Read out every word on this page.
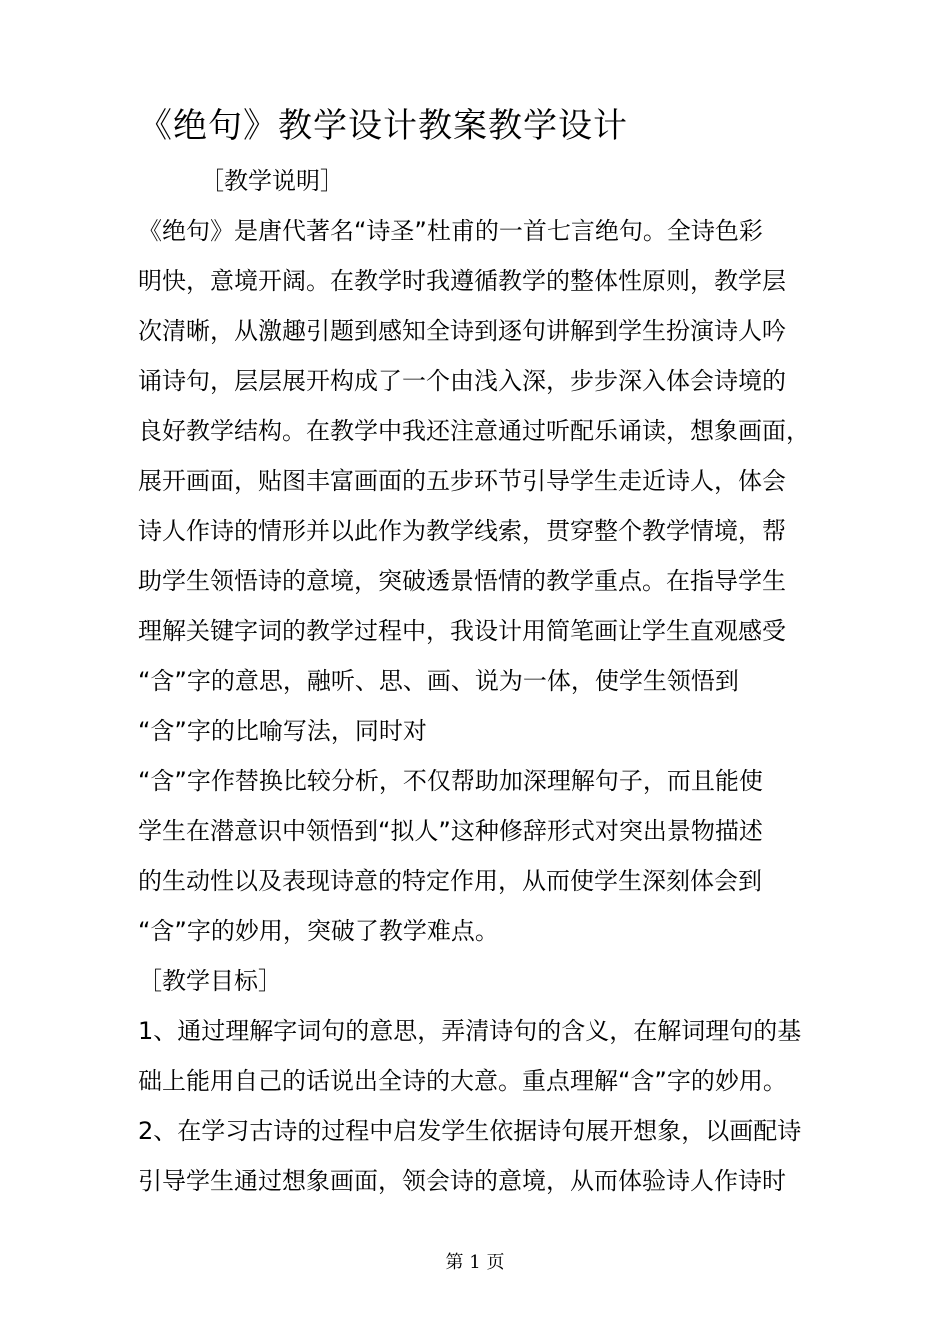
《绝句》教学设计教案教学设计
［教学说明］
《绝句》是唐代著名“诗圣”杜甫的一首七言绝句。全诗色彩
明快，意境开阔。在教学时我遵循教学的整体性原则，教学层
次清晰，从激趣引题到感知全诗到逐句讲解到学生扮演诗人吟
诵诗句，层层展开构成了一个由浅入深，步步深入体会诗境的
良好教学结构。在教学中我还注意通过听配乐诵读，想象画面，
展开画面，贴图丰富画面的五步环节引导学生走近诗人，体会
诗人作诗的情形并以此作为教学线索，贯穿整个教学情境，帮
助学生领悟诗的意境，突破透景悟情的教学重点。在指导学生
理解关键字词的教学过程中，我设计用简笔画让学生直观感受
“含”字的意思，融听、思、画、说为一体，使学生领悟到
“含”字的比喻写法，同时对
“含”字作替换比较分析，不仅帮助加深理解句子，而且能使
学生在潜意识中领悟到“拟人”这种修辞形式对突出景物描述
的生动性以及表现诗意的特定作用，从而使学生深刻体会到
“含”字的妙用，突破了教学难点。
［教学目标］
1、通过理解字词句的意思，弄清诗句的含义，在解词理句的基
础上能用自己的话说出全诗的大意。重点理解“含”字的妙用。
2、在学习古诗的过程中启发学生依据诗句展开想象，以画配诗
引导学生通过想象画面，领会诗的意境，从而体验诗人作诗时
第 1 页
